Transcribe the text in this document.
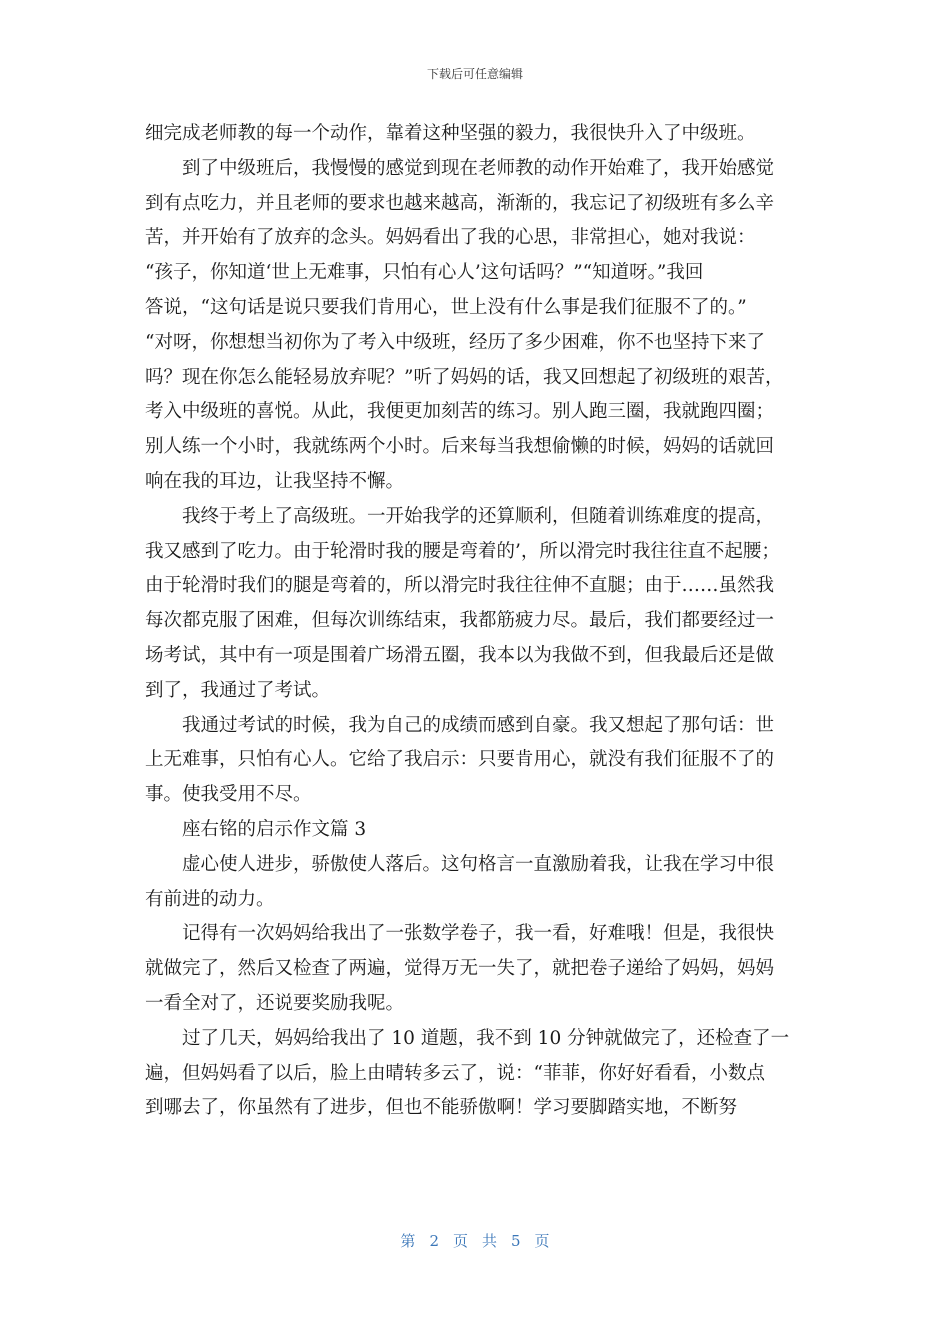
下载后可任意编辑
细完成老师教的每一个动作，靠着这种坚强的毅力，我很快升入了中级班。
到了中级班后，我慢慢的感觉到现在老师教的动作开始难了，我开始感觉
到有点吃力，并且老师的要求也越来越高，渐渐的，我忘记了初级班有多么辛
苦，并开始有了放弃的念头。妈妈看出了我的心思，非常担心，她对我说：
“孩子，你知道‘世上无难事，只怕有心人’这句话吗？”“知道呀。”我回
答说，“这句话是说只要我们肯用心，世上没有什么事是我们征服不了的。”
“对呀，你想想当初你为了考入中级班，经历了多少困难，你不也坚持下来了
吗？现在你怎么能轻易放弃呢？”听了妈妈的话，我又回想起了初级班的艰苦，
考入中级班的喜悦。从此，我便更加刻苦的练习。别人跑三圈，我就跑四圈；
别人练一个小时，我就练两个小时。后来每当我想偷懒的时候，妈妈的话就回
响在我的耳边，让我坚持不懈。
我终于考上了高级班。一开始我学的还算顺利，但随着训练难度的提高，
我又感到了吃力。由于轮滑时我的腰是弯着的’，所以滑完时我往往直不起腰；
由于轮滑时我们的腿是弯着的，所以滑完时我往往伸不直腿；由于……虽然我
每次都克服了困难，但每次训练结束，我都筋疲力尽。最后，我们都要经过一
场考试，其中有一项是围着广场滑五圈，我本以为我做不到，但我最后还是做
到了，我通过了考试。
我通过考试的时候，我为自己的成绩而感到自豪。我又想起了那句话：世
上无难事，只怕有心人。它给了我启示：只要肯用心，就没有我们征服不了的
事。使我受用不尽。
座右铭的启示作文篇 3
虚心使人进步，骄傲使人落后。这句格言一直激励着我，让我在学习中很
有前进的动力。
记得有一次妈妈给我出了一张数学卷子，我一看，好难哦！但是，我很快
就做完了，然后又检查了两遍，觉得万无一失了，就把卷子递给了妈妈，妈妈
一看全对了，还说要奖励我呢。
过了几天，妈妈给我出了 10 道题，我不到 10 分钟就做完了，还检查了一
遍，但妈妈看了以后，脸上由晴转多云了，说：“菲菲，你好好看看，小数点
到哪去了，你虽然有了进步，但也不能骄傲啊！学习要脚踏实地，不断努
第 2 页共5 页
